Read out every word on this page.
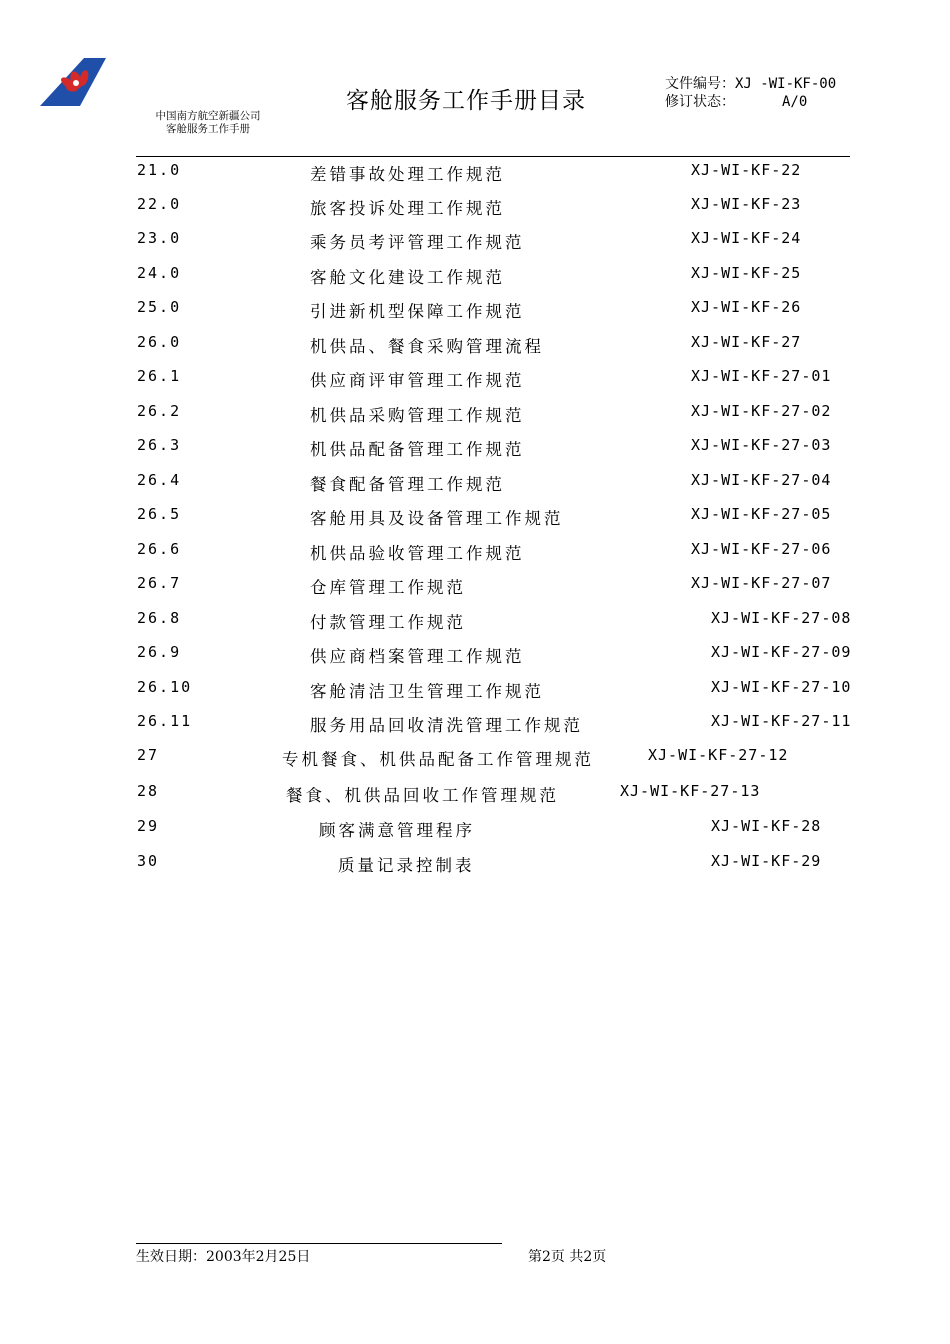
中国南方航空新疆公司
客舱服务工作手册
客舱服务工作手册目录
文件编号：XJ -WI-KF-00
修订状态：	A/0
21.0	差错事故处理工作规范	XJ-WI-KF-22
22.0	旅客投诉处理工作规范	XJ-WI-KF-23
23.0	乘务员考评管理工作规范	XJ-WI-KF-24
24.0	客舱文化建设工作规范	XJ-WI-KF-25
25.0	引进新机型保障工作规范	XJ-WI-KF-26
26.0	机供品、餐食采购管理流程	XJ-WI-KF-27
26.1	供应商评审管理工作规范	XJ-WI-KF-27-01
26.2	机供品采购管理工作规范	XJ-WI-KF-27-02
26.3	机供品配备管理工作规范	XJ-WI-KF-27-03
26.4	餐食配备管理工作规范	XJ-WI-KF-27-04
26.5	客舱用具及设备管理工作规范	XJ-WI-KF-27-05
26.6	机供品验收管理工作规范	XJ-WI-KF-27-06
26.7	仓库管理工作规范	XJ-WI-KF-27-07
26.8	付款管理工作规范	XJ-WI-KF-27-08
26.9	供应商档案管理工作规范	XJ-WI-KF-27-09
26.10	客舱清洁卫生管理工作规范	XJ-WI-KF-27-10
26.11	服务用品回收清洗管理工作规范	XJ-WI-KF-27-11
27	专机餐食、机供品配备工作管理规范	XJ-WI-KF-27-12
28	餐食、机供品回收工作管理规范	XJ-WI-KF-27-13
29	顾客满意管理程序	XJ-WI-KF-28
30	质量记录控制表	XJ-WI-KF-29
生效日期：2003年2月25日	第2页 共2页
